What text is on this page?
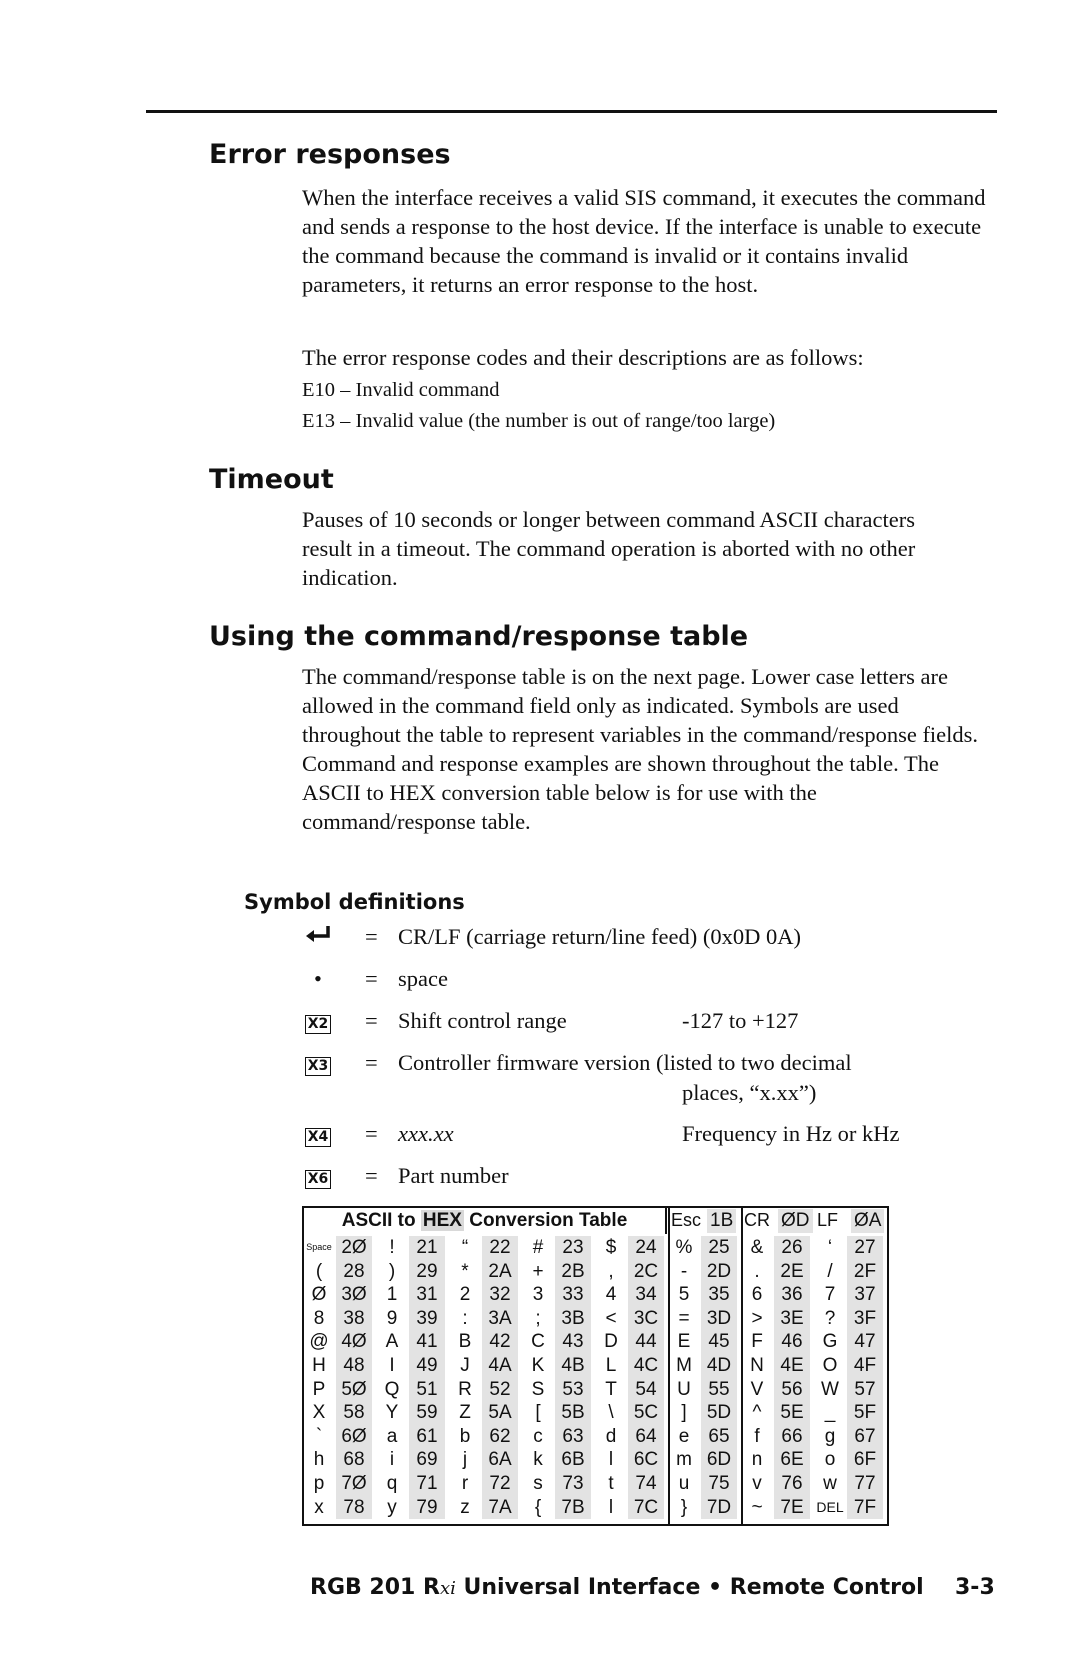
Error responses

When the interface receives a valid SIS command, it executes the command and sends a response to the host device. If the interface is unable to execute the command because the command is invalid or it contains invalid parameters, it returns an error response to the host.

The error response codes and their descriptions are as follows:

E10 – Invalid command

E13 – Invalid value (the number is out of range/too large)

Timeout

Pauses of 10 seconds or longer between command ASCII characters result in a timeout. The command operation is aborted with no other indication.

Using the command/response table

The command/response table is on the next page. Lower case letters are allowed in the command field only as indicated. Symbols are used throughout the table to represent variables in the command/response fields. Command and response examples are shown throughout the table. The ASCII to HEX conversion table below is for use with the command/response table.

Symbol definitions
= CR/LF (carriage return/line feed) (0x0D 0A)
•	= space
X2 = Shift control range	-127 to +127
X3 = Controller firmware version (listed to two decimal
places, “x.xx”)
X4 = xxx.xx	Frequency in Hz or kHz
X6 = Part number
ASCII to HEX Conversion Table	Esc 1B CR ØD LF ØA
Space 2Ø	!	21	“	22	#	23	$	24 % 25	& 26	‘	27
(	28	)	29	*	2A	+ 2B	,	2C	-	2D	.	2E	/	2F
Ø 3Ø	1	31	2	32	3	33	4	34	5	35	6	36	7	37
8	38	9	39	:	3A	;	3B	< 3C	= 3D	> 3E	? 3F
@ 4Ø A 41	B 42	C 43	D 44	E 45	F 46	G 47
H 48	I	49	J 4A	K 4B	L 4C M 4D N 4E O 4F
P 5Ø Q 51	R 52	S 53	T 54	U 55	V 56 W 57
X 58	Y 59	Z 5A	[	5B	\	5C	]	5D	^ 5E	_ 5F
`	6Ø	a	61	b	62	c	63	d	64	e	65	f	66	g	67
h	68	i	69	j	6A	k 6B	l	6C m 6D	n 6E	o 6F
p 7Ø	q	71	r	72	s	73	t	74	u	75	v	76	w 77
x	78	y	79	z 7A	{	7B	l	7C	}	7D	~ 7E DEL 7F
RGB 201 Rxi Universal Interface • Remote Control 3-3
